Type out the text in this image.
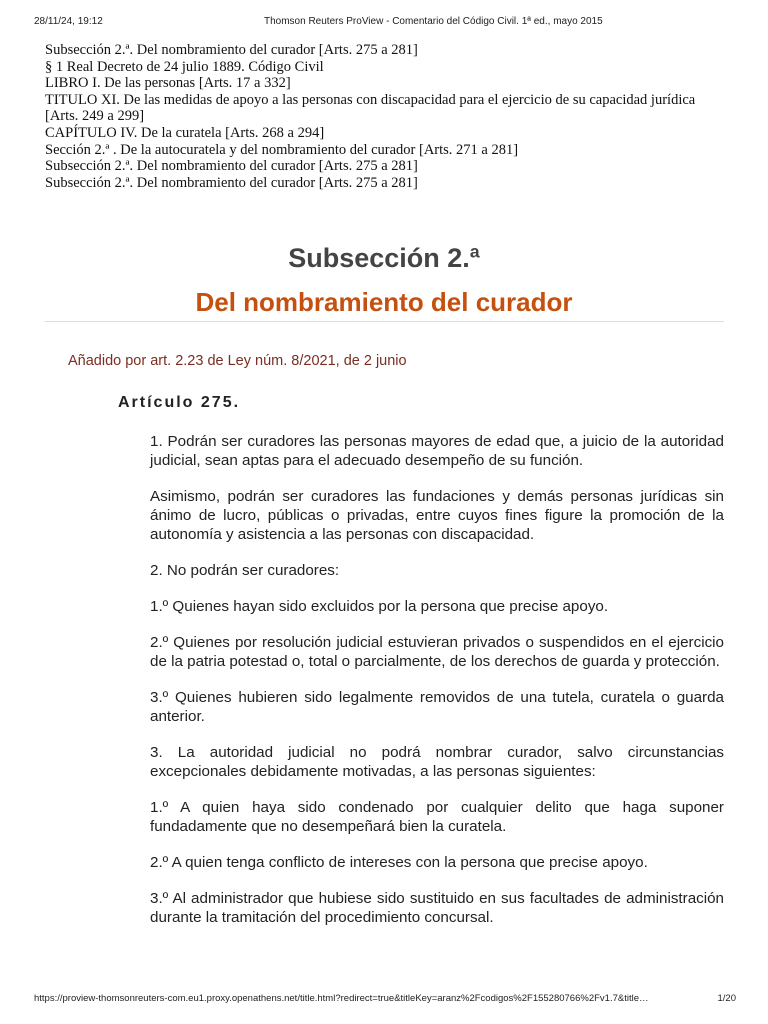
28/11/24, 19:12	Thomson Reuters ProView - Comentario del Código Civil. 1ª ed., mayo 2015
Subsección 2.ª. Del nombramiento del curador [Arts. 275 a 281]
§ 1 Real Decreto de 24 julio 1889. Código Civil
LIBRO I. De las personas [Arts. 17 a 332]
TITULO XI. De las medidas de apoyo a las personas con discapacidad para el ejercicio de su capacidad jurídica [Arts. 249 a 299]
CAPÍTULO IV. De la curatela [Arts. 268 a 294]
Sección 2.ª . De la autocuratela y del nombramiento del curador [Arts. 271 a 281]
Subsección 2.ª. Del nombramiento del curador [Arts. 275 a 281]
Subsección 2.ª. Del nombramiento del curador [Arts. 275 a 281]
Subsección 2.ª
Del nombramiento del curador
Añadido por art. 2.23 de Ley núm. 8/2021, de 2 junio
Artículo 275.

1. Podrán ser curadores las personas mayores de edad que, a juicio de la autoridad judicial, sean aptas para el adecuado desempeño de su función.

Asimismo, podrán ser curadores las fundaciones y demás personas jurídicas sin ánimo de lucro, públicas o privadas, entre cuyos fines figure la promoción de la autonomía y asistencia a las personas con discapacidad.

2. No podrán ser curadores:

1.º Quienes hayan sido excluidos por la persona que precise apoyo.

2.º Quienes por resolución judicial estuvieran privados o suspendidos en el ejercicio de la patria potestad o, total o parcialmente, de los derechos de guarda y protección.

3.º Quienes hubieren sido legalmente removidos de una tutela, curatela o guarda anterior.

3. La autoridad judicial no podrá nombrar curador, salvo circunstancias excepcionales debidamente motivadas, a las personas siguientes:

1.º A quien haya sido condenado por cualquier delito que haga suponer fundadamente que no desempeñará bien la curatela.

2.º A quien tenga conflicto de intereses con la persona que precise apoyo.

3.º Al administrador que hubiese sido sustituido en sus facultades de administración durante la tramitación del procedimiento concursal.

https://proview-thomsonreuters-com.eu1.proxy.openathens.net/title.html?redirect=true&titleKey=aranz%2Fcodigos%2F155280766%2Fv1.7&title…	1/20
